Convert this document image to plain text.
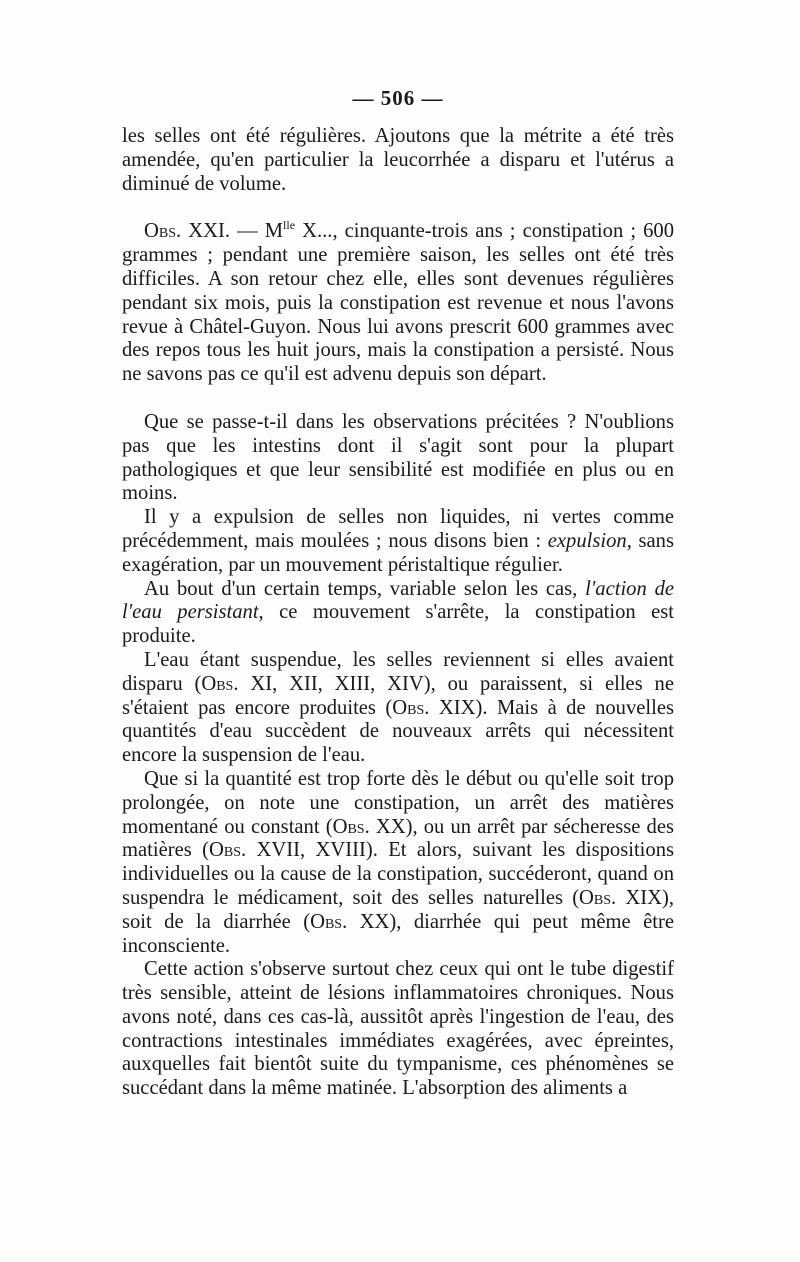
— 506 —

les selles ont été régulières. Ajoutons que la métrite a été très amendée, qu'en particulier la leucorrhée a disparu et l'utérus a diminué de volume.

Obs. XXI. — $M^{lle}$ X..., cinquante-trois ans ; constipation ; 600 grammes ; pendant une première saison, les selles ont été très difficiles. A son retour chez elle, elles sont devenues régulières pendant six mois, puis la constipation est revenue et nous l'avons revue à Châtel-Guyon. Nous lui avons prescrit 600 grammes avec des repos tous les huit jours, mais la constipation a persisté. Nous ne savons pas ce qu'il est advenu depuis son départ.

Que se passe-t-il dans les observations précitées ? N'oublions pas que les intestins dont il s'agit sont pour la plupart pathologiques et que leur sensibilité est modifiée en plus ou en moins.

Il y a expulsion de selles non liquides, ni vertes comme précédemment, mais moulées ; nous disons bien : expulsion, sans exagération, par un mouvement péristaltique régulier.

Au bout d'un certain temps, variable selon les cas, l'action de l'eau persistant, ce mouvement s'arrête, la constipation est produite.

L'eau étant suspendue, les selles reviennent si elles avaient disparu (Obs. XI, XII, XIII, XIV), ou paraissent, si elles ne s'étaient pas encore produites (Obs. XIX). Mais à de nouvelles quantités d'eau succèdent de nouveaux arrêts qui nécessitent encore la suspension de l'eau.

Que si la quantité est trop forte dès le début ou qu'elle soit trop prolongée, on note une constipation, un arrêt des matières momentané ou constant (Obs. XX), ou un arrêt par sécheresse des matières (Obs. XVII, XVIII). Et alors, suivant les dispositions individuelles ou la cause de la constipation, succéderont, quand on suspendra le médicament, soit des selles naturelles (Obs. XIX), soit de la diarrhée (Obs. XX), diarrhée qui peut même être inconsciente.

Cette action s'observe surtout chez ceux qui ont le tube digestif très sensible, atteint de lésions inflammatoires chroniques. Nous avons noté, dans ces cas-là, aussitôt après l'ingestion de l'eau, des contractions intestinales immédiates exagérées, avec épreintes, auxquelles fait bientôt suite du tympanisme, ces phénomènes se succédant dans la même matinée. L'absorption des aliments a
